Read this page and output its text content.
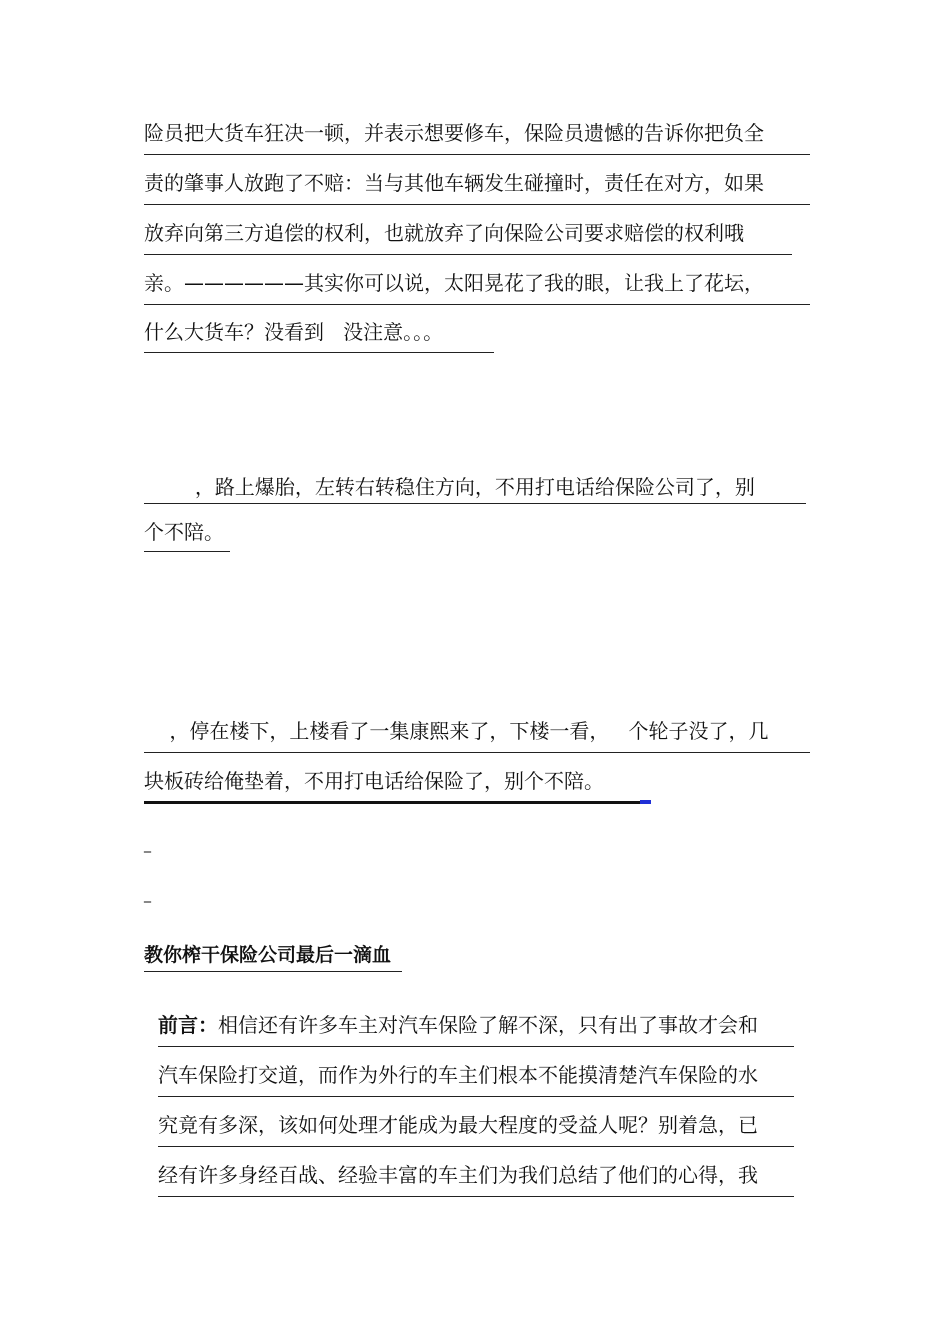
险员把大货车狂决一顿，并表示想要修车，保险员遗憾的告诉你把负全
责的肇事人放跑了不赔：当与其他车辆发生碰撞时，责任在对方，如果
放弃向第三方追偿的权利，也就放弃了向保险公司要求赔偿的权利哦
亲。——————其实你可以说，太阳晃花了我的眼，让我上了花坛，
什么大货车？没看到   没注意。。。
，路上爆胎，左转右转稳住方向，不用打电话给保险公司了，别
个不陪。
，停在楼下，上楼看了一集康熙来了，下楼一看，   个轮子没了，几
块板砖给俺垫着，不用打电话给保险了，别个不陪。
_
_
教你榨干保险公司最后一滴血
前言：相信还有许多车主对汽车保险了解不深，只有出了事故才会和
汽车保险打交道，而作为外行的车主们根本不能摸清楚汽车保险的水
究竟有多深，该如何处理才能成为最大程度的受益人呢？别着急，已
经有许多身经百战、经验丰富的车主们为我们总结了他们的心得，我
